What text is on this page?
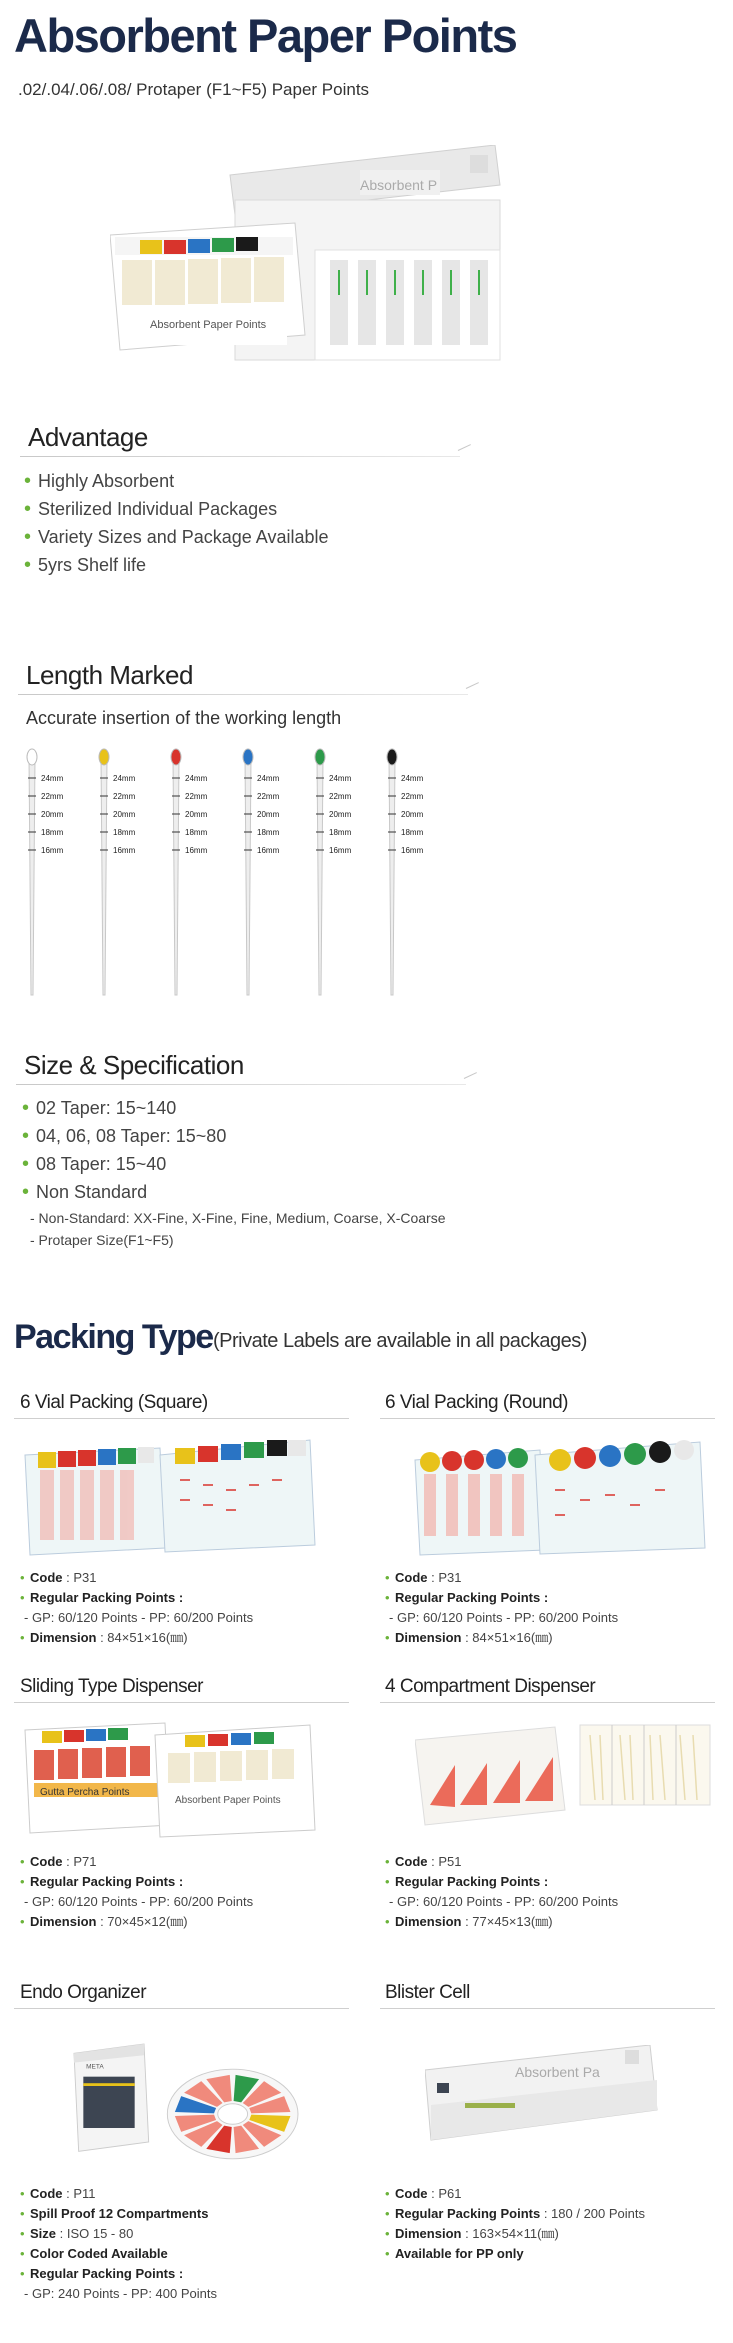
Absorbent Paper Points
.02/.04/.06/.08/ Protaper (F1~F5) Paper Points
Absorbent P
Absorbent Paper Points
Advantage
• Highly Absorbent
• Sterilized Individual Packages
• Variety Sizes and Package Available
• 5yrs Shelf life
Length Marked
Accurate insertion of the working length
24mm
22mm
20mm
18mm
16mm
24mm
22mm
20mm
18mm
16mm
24mm
22mm
20mm
18mm
16mm
24mm
22mm
20mm
18mm
16mm
24mm
22mm
20mm
18mm
16mm
24mm
22mm
20mm
18mm
16mm
Size & Specification
• 02 Taper: 15~140
• 04, 06, 08 Taper: 15~80
• 08 Taper: 15~40
• Non Standard
- Non-Standard: XX-Fine, X-Fine, Fine, Medium, Coarse, X-Coarse
- Protaper Size(F1~F5)
Packing Type (Private Labels are available in all packages)
6 Vial Packing (Square)
• Code : P31
• Regular Packing Points :
- GP: 60/120 Points - PP: 60/200 Points
• Dimension : 84×51×16(㎜)
6 Vial Packing (Round)
• Code : P31
• Regular Packing Points :
- GP: 60/120 Points - PP: 60/200 Points
• Dimension : 84×51×16(㎜)
Sliding Type Dispenser
Gutta Percha Points
Absorbent Paper Points
• Code : P71
• Regular Packing Points :
- GP: 60/120 Points - PP: 60/200 Points
• Dimension : 70×45×12(㎜)
4 Compartment Dispenser
• Code : P51
• Regular Packing Points :
- GP: 60/120 Points - PP: 60/200 Points
• Dimension : 77×45×13(㎜)
Endo Organizer
META
• Code : P11
• Spill Proof 12 Compartments
• Size : ISO 15 - 80
• Color Coded Available
• Regular Packing Points :
- GP: 240 Points - PP: 400 Points
Blister Cell
Absorbent Pa
• Code : P61
• Regular Packing Points : 180 / 200 Points
• Dimension : 163×54×11(㎜)
• Available for PP only
